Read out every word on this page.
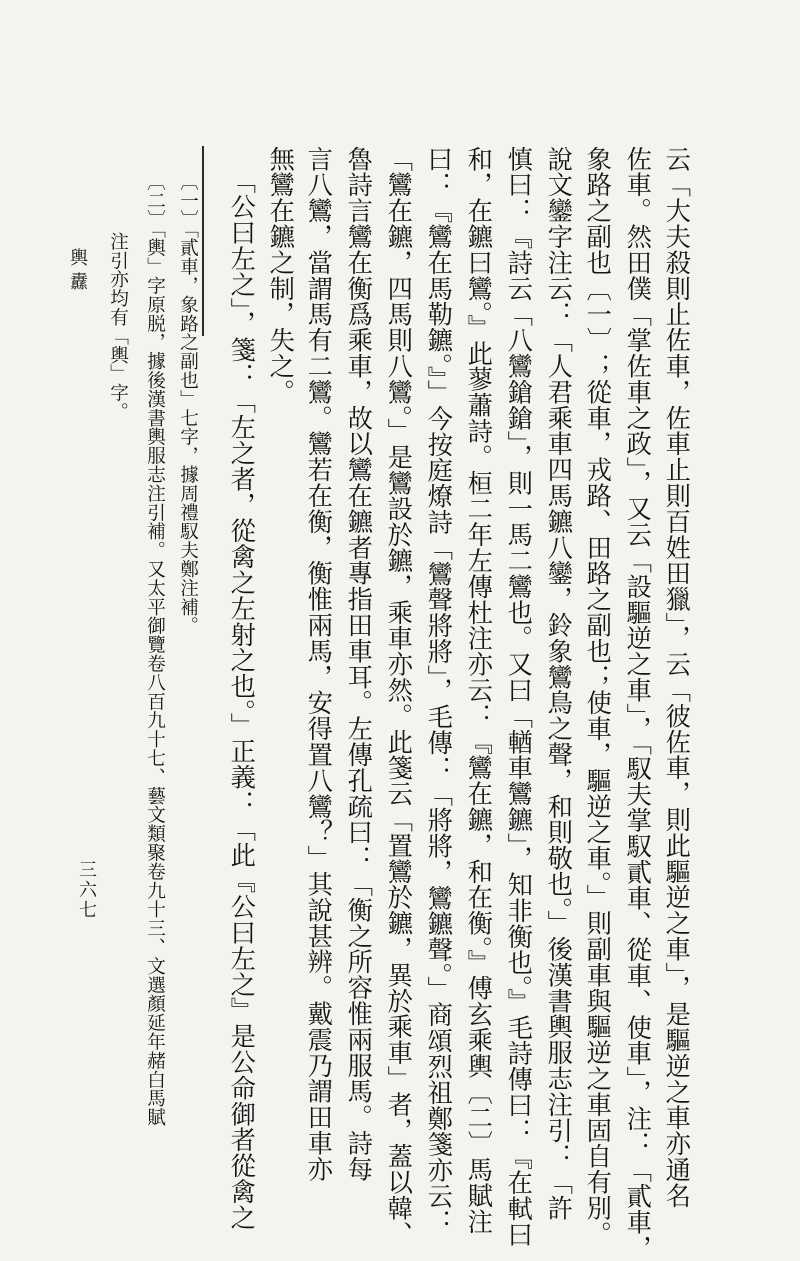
云「大夫殺則止佐車，佐車止則百姓田獵」，云「彼佐車，則此驅逆之車」，是驅逆之車亦通名
佐車。然田僕「掌佐車之政」，又云「設驅逆之車」，「馭夫掌馭貳車、從車、使車」，注：「貳車，
象路之副也〔一〕；從車，戎路、田路之副也；使車，驅逆之車。」則副車與驅逆之車固自有別。
說文鑾字注云：「人君乘車四馬鑣八鑾，鈴象鸞鳥之聲，和則敬也。」後漢書輿服志注引：「許
慎曰：『詩云「八鸞鎗鎗」，則一馬二鸞也。又曰「輶車鸞鑣」，知非衡也。』毛詩傳曰：『在軾曰
和，在鑣曰鸞。』此蓼蕭詩。桓二年左傳杜注亦云：『鸞在鑣，和在衡。』傅玄乘輿〔二〕馬賦注
曰：『鸞在馬勒鑣。』」今按庭燎詩「鸞聲將將」，毛傳：「將將，鸞鑣聲。」商頌烈祖鄭箋亦云：
「鸞在鑣，四馬則八鸞。」是鸞設於鑣，乘車亦然。此箋云「置鸞於鑣，異於乘車」者，蓋以韓、
魯詩言鸞在衡爲乘車，故以鸞在鑣者專指田車耳。左傳孔疏曰：「衡之所容惟兩服馬。詩每
言八鸞，當謂馬有二鸞。鸞若在衡，衡惟兩馬，安得置八鸞？」其說甚辨。戴震乃謂田車亦
無鸞在鑣之制，失之。
「公曰左之」，箋：「左之者，從禽之左射之也。」正義：「此『公曰左之』是公命御者從禽之
〔一〕「貳車，象路之副也」七字，據周禮馭夫鄭注補。
〔二〕「輿」字原脱，據後漢書輿服志注引補。又太平御覽卷八百九十七、藝文類聚卷九十三、文選顏延年赭白馬賦
注引亦均有「輿」字。
輿纛
三六七
